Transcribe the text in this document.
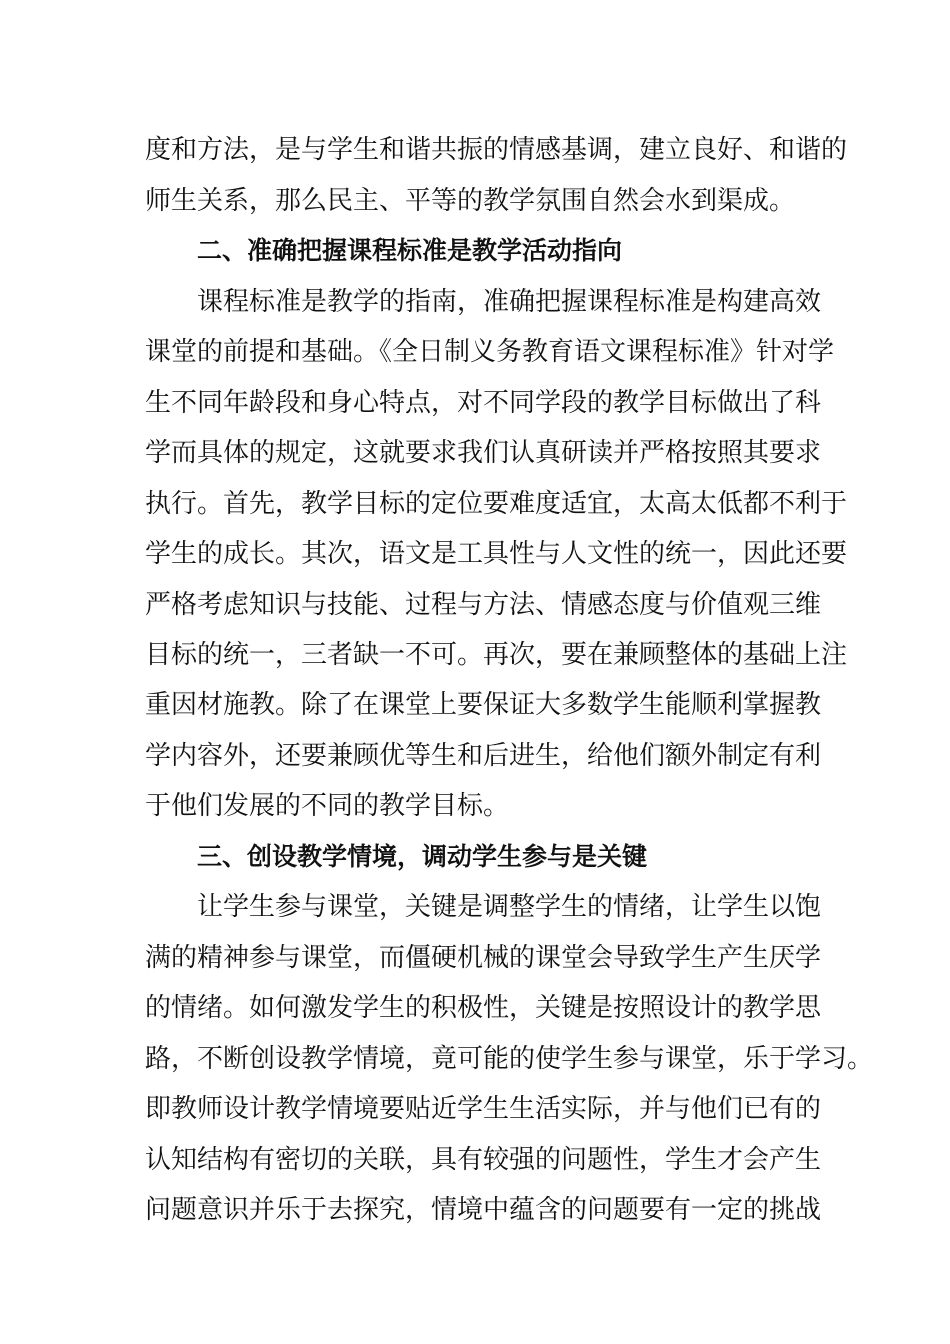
度和方法，是与学生和谐共振的情感基调，建立良好、和谐的
师生关系，那么民主、平等的教学氛围自然会水到渠成。
二、准确把握课程标准是教学活动指向
课程标准是教学的指南，准确把握课程标准是构建高效
课堂的前提和基础。《全日制义务教育语文课程标准》针对学
生不同年龄段和身心特点，对不同学段的教学目标做出了科
学而具体的规定，这就要求我们认真研读并严格按照其要求
执行。首先，教学目标的定位要难度适宜，太高太低都不利于
学生的成长。其次，语文是工具性与人文性的统一，因此还要
严格考虑知识与技能、过程与方法、情感态度与价值观三维
目标的统一，三者缺一不可。再次，要在兼顾整体的基础上注
重因材施教。除了在课堂上要保证大多数学生能顺利掌握教
学内容外，还要兼顾优等生和后进生，给他们额外制定有利
于他们发展的不同的教学目标。
三、创设教学情境，调动学生参与是关键
让学生参与课堂，关键是调整学生的情绪，让学生以饱
满的精神参与课堂，而僵硬机械的课堂会导致学生产生厌学
的情绪。如何激发学生的积极性，关键是按照设计的教学思
路，不断创设教学情境，竟可能的使学生参与课堂，乐于学习。
即教师设计教学情境要贴近学生生活实际，并与他们已有的
认知结构有密切的关联，具有较强的问题性，学生才会产生
问题意识并乐于去探究，情境中蕴含的问题要有一定的挑战
